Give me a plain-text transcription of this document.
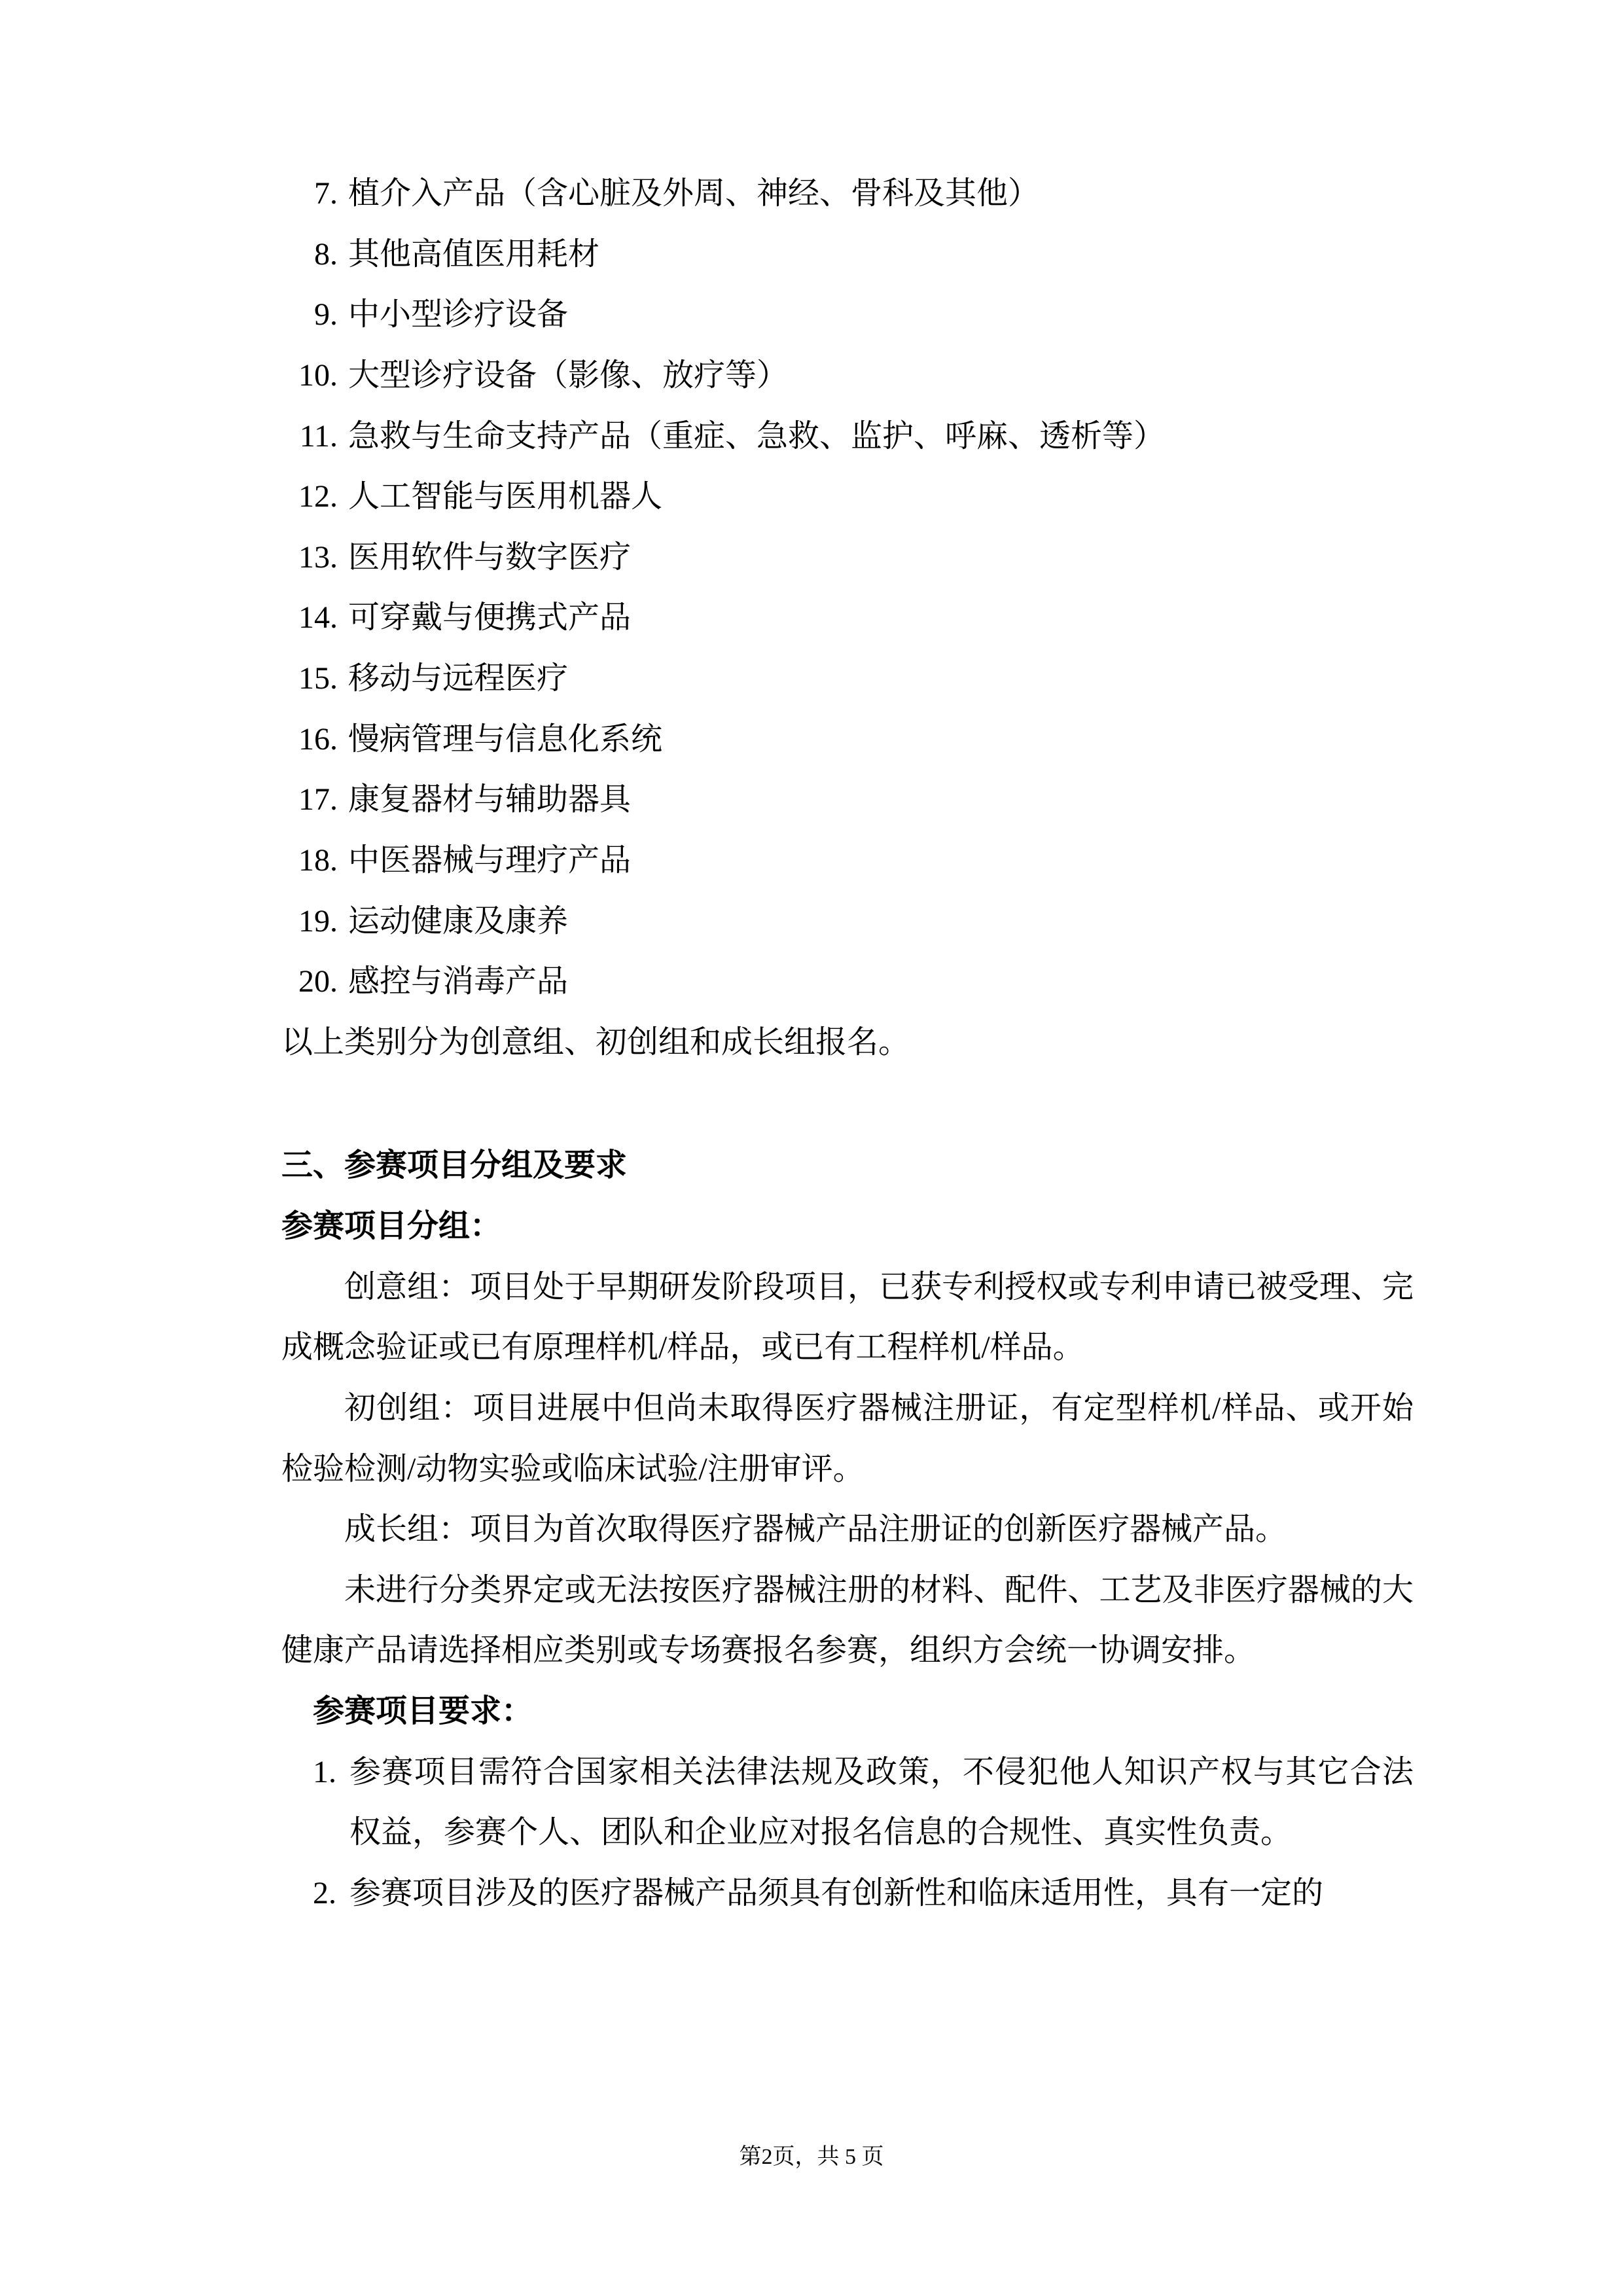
7. 植介入产品（含心脏及外周、神经、骨科及其他）
8. 其他高值医用耗材
9. 中小型诊疗设备
10. 大型诊疗设备（影像、放疗等）
11. 急救与生命支持产品（重症、急救、监护、呼麻、透析等）
12. 人工智能与医用机器人
13. 医用软件与数字医疗
14. 可穿戴与便携式产品
15. 移动与远程医疗
16. 慢病管理与信息化系统
17. 康复器材与辅助器具
18. 中医器械与理疗产品
19. 运动健康及康养
20. 感控与消毒产品

以上类别分为创意组、初创组和成长组报名。

三、参赛项目分组及要求

参赛项目分组：

创意组：项目处于早期研发阶段项目，已获专利授权或专利申请已被受理、完成概念验证或已有原理样机/样品，或已有工程样机/样品。

初创组：项目进展中但尚未取得医疗器械注册证，有定型样机/样品、或开始检验检测/动物实验或临床试验/注册审评。

成长组：项目为首次取得医疗器械产品注册证的创新医疗器械产品。

未进行分类界定或无法按医疗器械注册的材料、配件、工艺及非医疗器械的大健康产品请选择相应类别或专场赛报名参赛，组织方会统一协调安排。

参赛项目要求：

1. 参赛项目需符合国家相关法律法规及政策，不侵犯他人知识产权与其它合法权益，参赛个人、团队和企业应对报名信息的合规性、真实性负责。
2. 参赛项目涉及的医疗器械产品须具有创新性和临床适用性，具有一定的
第2页，共 5 页
